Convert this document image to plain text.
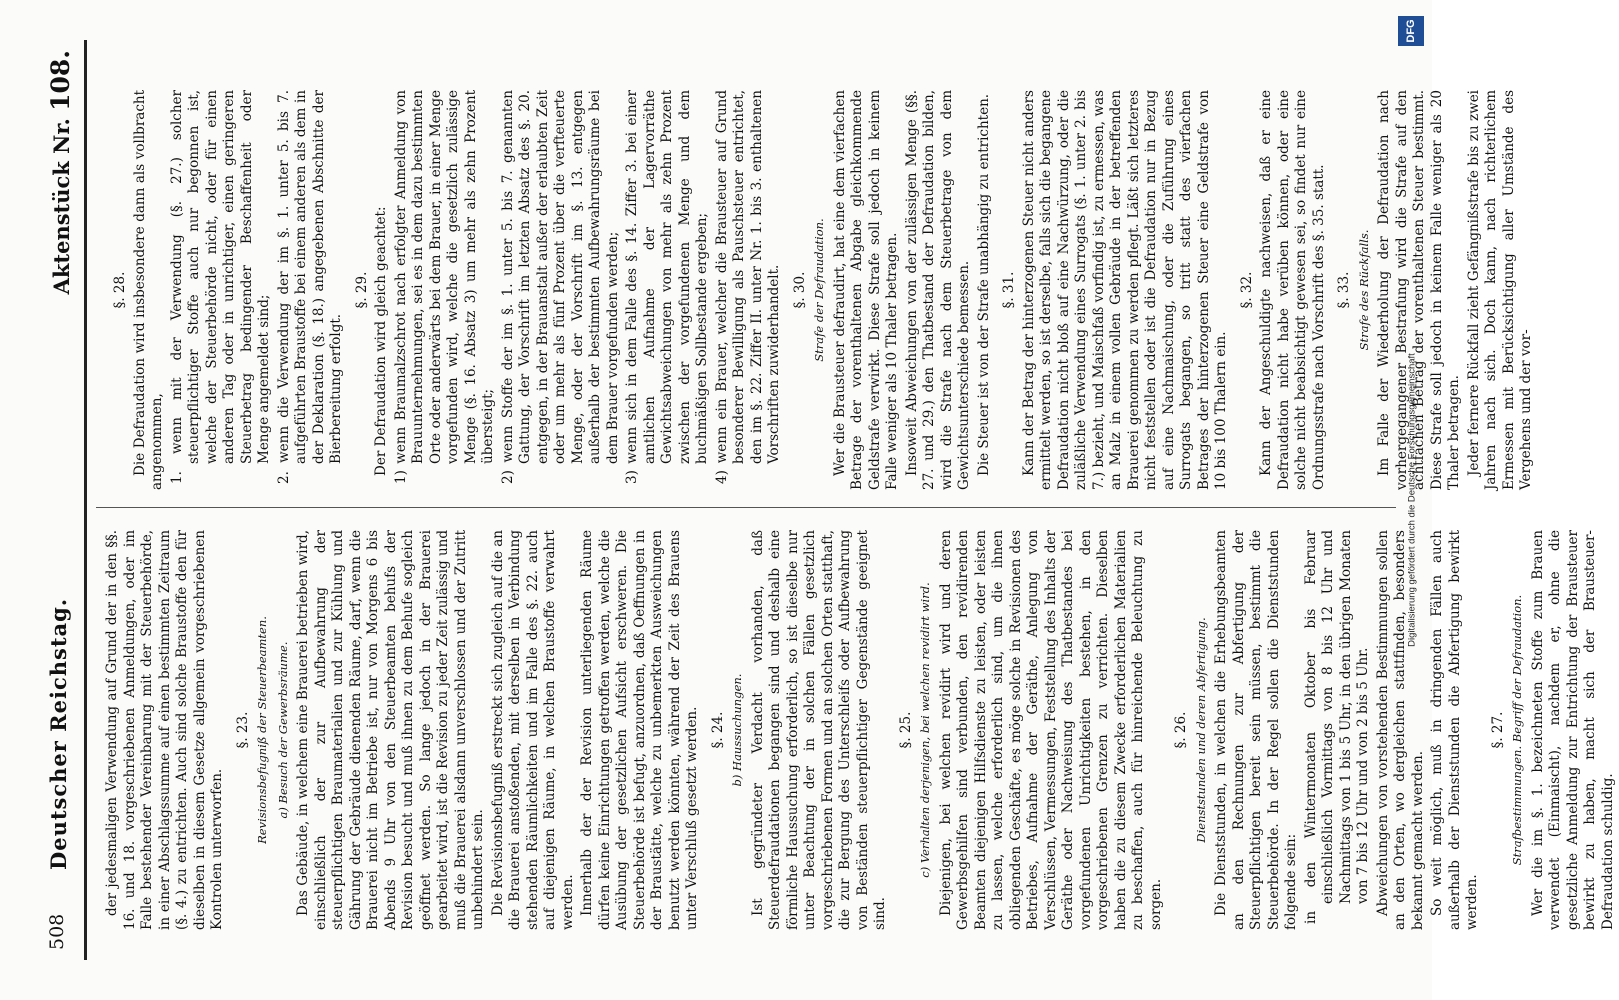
508
Deutscher Reichstag.
Aktenstück Nr. 108.

der jedesmaligen Verwendung auf Grund der in den §§. 16. und 18. vorgeschriebenen Anmeldungen, oder im Falle bestehender Vereinbarung mit der Steuerbehörde, in einer Abschlagssumme auf einen bestimmten Zeitraum (§. 4.) zu entrichten. Auch sind solche Braustoffe den für dieselben in diesem Gesetze allgemein vorgeschriebenen Kontrolen unterworfen.

§. 23. Revisionsbefugniß der Steuerbeamten. a) Besuch der Gewerbsräume. Das Gebäude, in welchem eine Brauerei betrieben wird, einschließlich der zur Aufbewahrung der steuerpflichtigen Braumaterialien und zur Kühlung und Gährung der Gebräude dienenden Räume, darf, wenn die Brauerei nicht im Betriebe ist, nur von Morgens 6 bis Abends 9 Uhr von den Steuerbeamten behufs der Revision besucht und muß ihnen zu dem Behufe sogleich geöffnet werden. So lange jedoch in der Brauerei gearbeitet wird, ist die Revision zu jeder Zeit zulässig und muß die Brauerei alsdann unverschlossen und der Zutritt unbehindert sein. Die Revisionsbefugniß erstreckt sich zugleich auf die an die Brauerei anstoßenden, mit derselben in Verbindung stehenden Räumlichkeiten und im Falle des §. 22. auch auf diejenigen Räume, in welchen Braustoffe verwahrt werden. Innerhalb der der Revision unterliegenden Räume dürfen keine Einrichtungen getroffen werden, welche die Ausübung der gesetzlichen Aufsicht erschweren. Die Steuerbehörde ist befugt, anzuordnen, daß Oeffnungen in der Braustätte, welche zu unbemerkten Ausweichungen benutzt werden könnten, während der Zeit des Brauens unter Verschluß gesetzt werden. §. 24. b) Haussuchungen. Ist gegründeter Verdacht vorhanden, daß Steuerdefraudationen begangen sind und deshalb eine förmliche Haussuchung erforderlich, so ist dieselbe nur unter Beachtung der in solchen Fällen gesetzlich vorgeschriebenen Formen und an solchen Orten statthaft, die zur Bergung des Unterschleifs oder Aufbewahrung von Beständen steuerpflichtiger Gegenstände geeignet sind.

§. 25. c) Verhalten derjenigen, bei welchen revidirt wird. Diejenigen, bei welchen revidirt wird und deren Gewerbsgehilfen sind verbunden, den revidirenden Beamten diejenigen Hilfsdienste zu leisten, oder leisten zu lassen, welche erforderlich sind, um die ihnen obliegenden Geschäfte, es möge solche in Revisionen des Betriebes, Aufnahme der Geräthe, Anlegung von Verschlüssen, Vermessungen, Feststellung des Inhalts der Geräthe oder Nachweisung des Thatbestandes bei vorgefundenen Unrichtigkeiten bestehen, in den vorgeschriebenen Grenzen zu verrichten. Dieselben haben die zu diesem Zwecke erforderlichen Materialien zu beschaffen, auch für hinreichende Beleuchtung zu sorgen.

§. 26. Dienststunden und deren Abfertigung. Die Dienststunden, in welchen die Erhebungsbeamten an den Rechnungen zur Abfertigung der Steuerpflichtigen bereit sein müssen, bestimmt die Steuerbehörde. In der Regel sollen die Dienststunden folgende sein: in den Wintermonaten Oktober bis Februar einschließlich Vormittags von 8 bis 12 Uhr und Nachmittags von 1 bis 5 Uhr, in den übrigen Monaten von 7 bis 12 Uhr und von 2 bis 5 Uhr. Abweichungen von vorstehenden Bestimmungen sollen an den Orten, wo dergleichen stattfinden, besonders bekannt gemacht werden. So weit möglich, muß in dringenden Fällen auch außerhalb der Dienststunden die Abfertigung bewirkt werden.

§. 27. Strafbestimmungen. Begriff der Defraudation. Wer die im §. 1. bezeichneten Stoffe zum Brauen verwendet (Einmaischt), nachdem er, ohne die gesetzliche Anmeldung zur Entrichtung der Brausteuer bewirkt zu haben, macht sich der Brausteuer-Defraudation schuldig.

§. 28. Die Defraudation wird insbesondere dann als vollbracht angenommen, 1. wenn mit der Verwendung (§. 27.) solcher steuerpflichtiger Stoffe auch nur begonnen ist, welche der Steuerbehörde nicht, oder für einen anderen Tag oder in unrichtiger, einen geringeren Steuerbetrag bedingender Beschaffenheit oder Menge angemeldet sind; 2. wenn die Verwendung der im §. 1. unter 5. bis 7. aufgeführten Braustoffe bei einem anderen als dem in der Deklaration (§. 18.) angegebenen Abschnitte der Bierbereitung erfolgt.

§. 29. Der Defraudation wird gleich geachtet: 1) wenn Braumalzschrot nach erfolgter Anmeldung von Brauunternehmungen, sei es in dem dazu bestimmten Orte oder anderwärts bei dem Brauer, in einer Menge vorgefunden wird, welche die gesetzlich zulässige Menge (§. 16. Absatz 3) um mehr als zehn Prozent übersteigt; 2) wenn Stoffe der im §. 1. unter 5. bis 7. genannten Gattung, der Vorschrift im letzten Absatz des §. 20. entgegen, in der Brauanstalt außer der erlaubten Zeit oder um mehr als fünf Prozent über die verfteuerte Menge, oder der Vorschrift im §. 13. entgegen außerhalb der bestimmten Aufbewahrungsräume bei dem Brauer vorgefunden werden; 3) wenn sich in dem Falle des §. 14. Ziffer 3. bei einer amtlichen Aufnahme der Lagervorräthe Gewichtsabweichungen von mehr als zehn Prozent zwischen der vorgefundenen Menge und dem buchmäßigen Sollbestande ergeben; 4) wenn ein Brauer, welcher die Brausteuer auf Grund besonderer Bewilligung als Pauschsteuer entrichtet, den im §. 22. Ziffer II. unter Nr. 1. bis 3. enthaltenen Vorschriften zuwiderhandelt. §. 30. Strafe der Defraudation. Wer die Brausteuer defraudirt, hat eine dem vierfachen Betrage der vorenthaltenen Abgabe gleichkommende Geldstrafe verwirkt. Diese Strafe soll jedoch in keinem Falle weniger als 10 Thaler betragen. Insoweit Abweichungen von der zulässigen Menge (§§. 27. und 29.) den Thatbestand der Defraudation bilden, wird die Strafe nach dem Steuerbetrage von dem Gewichtsunterschiede bemessen. Die Steuer ist von der Strafe unabhängig zu entrichten. §. 31. Kann der Betrag der hinterzogenen Steuer nicht anders ermittelt werden, so ist derselbe, falls sich die begangene Defraudation nicht bloß auf eine Nachwürzung, oder die zuläßliche Verwendung eines Surrogats (§. 1. unter 2. bis 7.) bezieht, und Maischfaß vorfindig ist, zu ermessen, was an Malz in einem vollen Gebräude in der betreffenden Brauerei genommen zu werden pflegt. Läßt sich letzteres nicht feststellen oder ist die Defraudation nur in Bezug auf eine Nachmaischung, oder die Zuführung eines Surrogats begangen, so tritt statt des vierfachen Betrages der hinterzogenen Steuer eine Geldstrafe von 10 bis 100 Thalern ein.

§. 32. Kann der Angeschuldigte nachweisen, daß er eine Defraudation nicht habe verüben können, oder eine solche nicht beabsichtigt gewesen sei, so findet nur eine Ordnungsstrafe nach Vorschrift des §. 35. statt. §. 33. Strafe des Rückfalls. Im Falle der Wiederholung der Defraudation nach vorhergegangener Bestrafung wird die Strafe auf den achtfachen Betrag der vorenthaltenen Steuer bestimmt. Diese Strafe soll jedoch in keinem Falle weniger als 20 Thaler betragen. Jeder fernere Rückfall zieht Gefängnißstrafe bis zu zwei Jahren nach sich. Doch kann, nach richterlichem Ermessen mit Berücksichtigung aller Umstände des Vergehens und der vor-

DFG
Digitalisierung gefördert durch die Deutsche Forschungsgemeinschaft
